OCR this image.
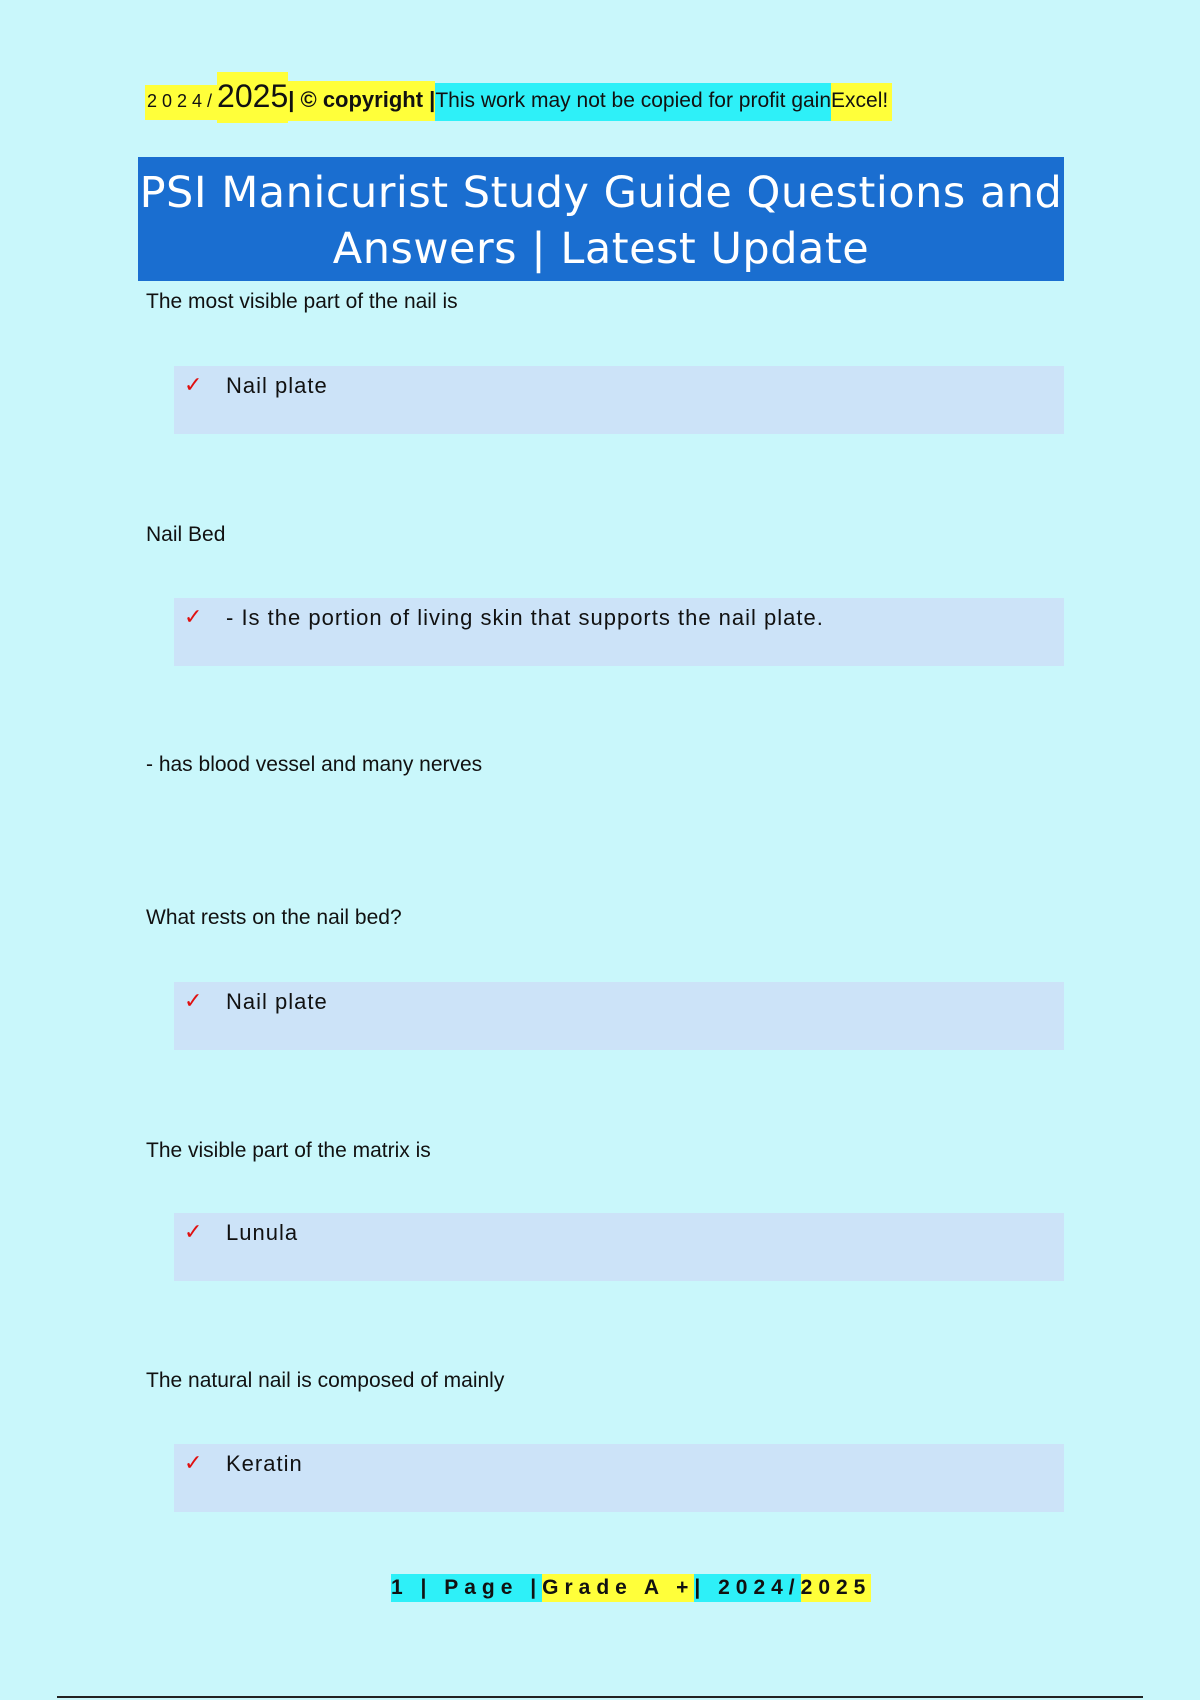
2024/ 2025 | © copyright | This work may not be copied for profit gain Excel!
PSI Manicurist Study Guide Questions and
Answers | Latest Update
The most visible part of the nail is
✓ Nail plate
Nail Bed
✓ - Is the portion of living skin that supports the nail plate.
- has blood vessel and many nerves
What rests on the nail bed?
✓ Nail plate
The visible part of the matrix is
✓ Lunula
The natural nail is composed of mainly
✓ Keratin
1 | Page | Grade A + | 2024/ 2025
